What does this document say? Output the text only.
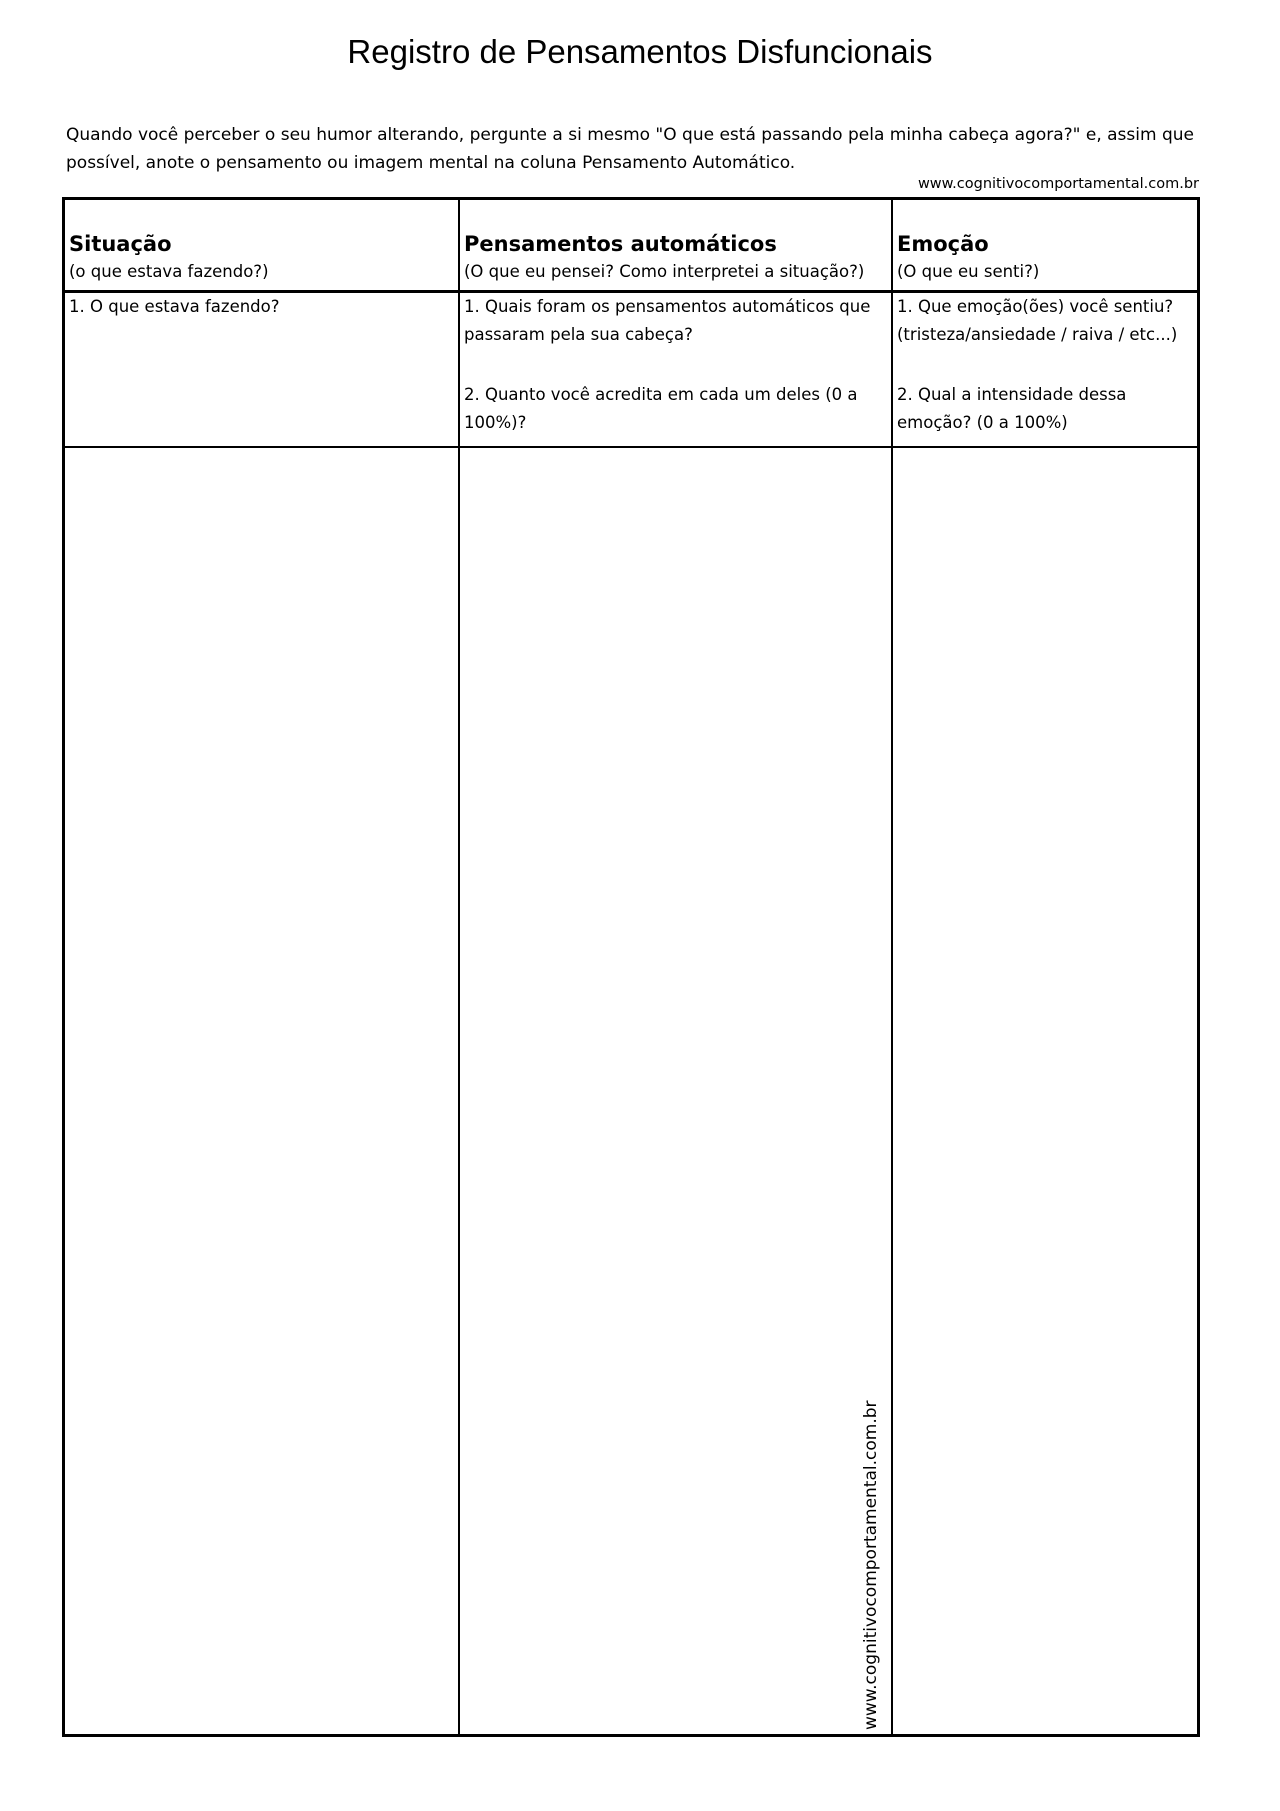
Registro de Pensamentos Disfuncionais
Quando você perceber o seu humor alterando, pergunte a si mesmo "O que está passando pela minha cabeça agora?" e, assim que possível, anote o pensamento ou imagem mental na coluna Pensamento Automático.
www.cognitivocomportamental.com.br
Situação
(o que estava fazendo?)
Pensamentos automáticos
(O que eu pensei? Como interpretei a situação?)
Emoção
(O que eu senti?)
1. O que estava fazendo?	1. Quais foram os pensamentos automáticos que passaram pela sua cabeça?
2. Quanto você acredita em cada um deles (0 a 100%)?
1. Que emoção(ões) você sentiu? (tristeza/ansiedade / raiva / etc...)
2. Qual a intensidade dessa emoção? (0 a 100%)
www.cognitivocomportamental.com.br
